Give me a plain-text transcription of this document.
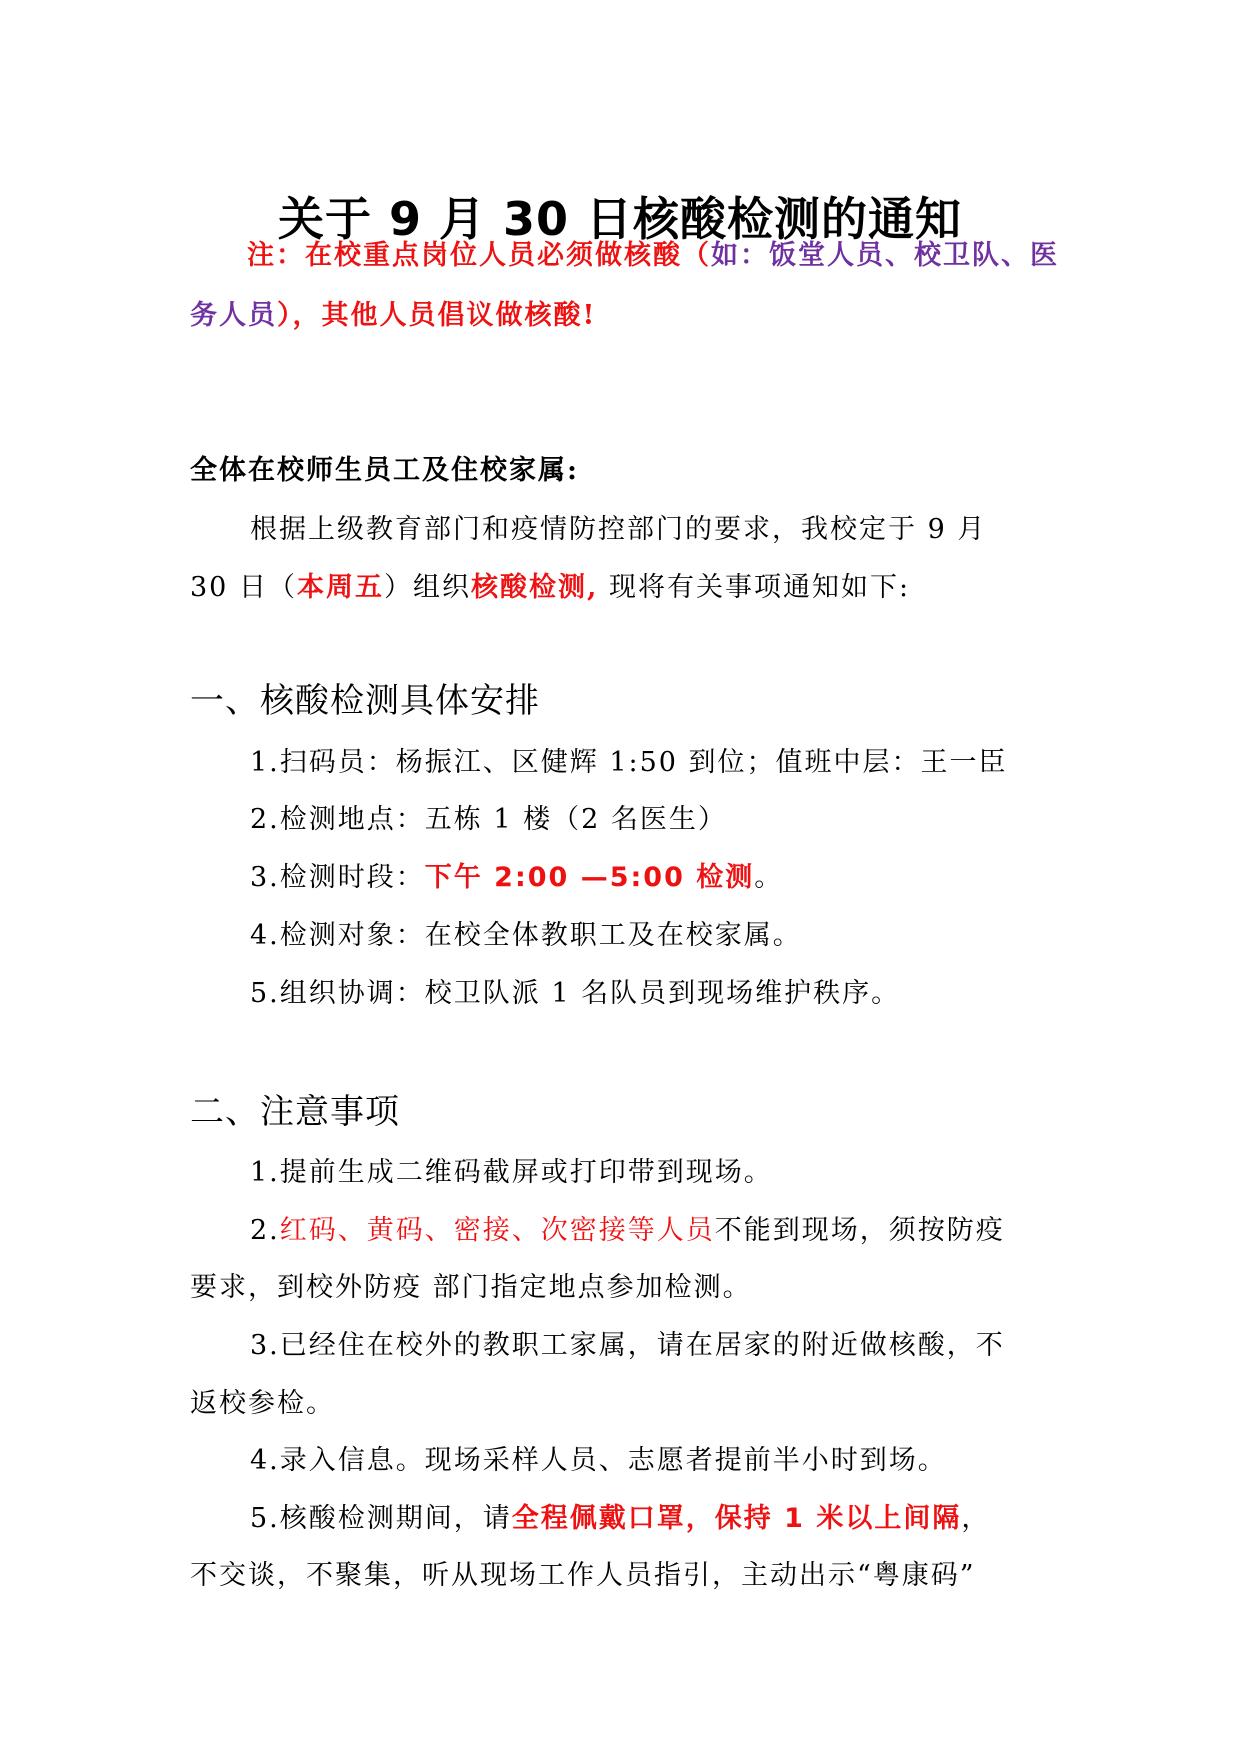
关于 9 月 30 日核酸检测的通知
注：在校重点岗位人员必须做核酸（如：饭堂人员、校卫队、医
务人员），其他人员倡议做核酸!
全体在校师生员工及住校家属:
根据上级教育部门和疫情防控部门的要求，我校定于 9 月
30 日（本周五）组织核酸检测, 现将有关事项通知如下:
一、核酸检测具体安排
1.扫码员：杨振江、区健辉 1:50 到位；值班中层：王一臣
2.检测地点：五栋 1 楼（2 名医生）
3.检测时段：下午 2:00 —5:00 检测。
4.检测对象：在校全体教职工及在校家属。
5.组织协调：校卫队派 1 名队员到现场维护秩序。
二、注意事项
1.提前生成二维码截屏或打印带到现场。
2.红码、黄码、密接、次密接等人员不能到现场，须按防疫
要求，到校外防疫 部门指定地点参加检测。
3.已经住在校外的教职工家属，请在居家的附近做核酸，不
返校参检。
4.录入信息。现场采样人员、志愿者提前半小时到场。
5.核酸检测期间，请全程佩戴口罩，保持 1 米以上间隔，
不交谈，不聚集，听从现场工作人员指引，主动出示“粤康码”
